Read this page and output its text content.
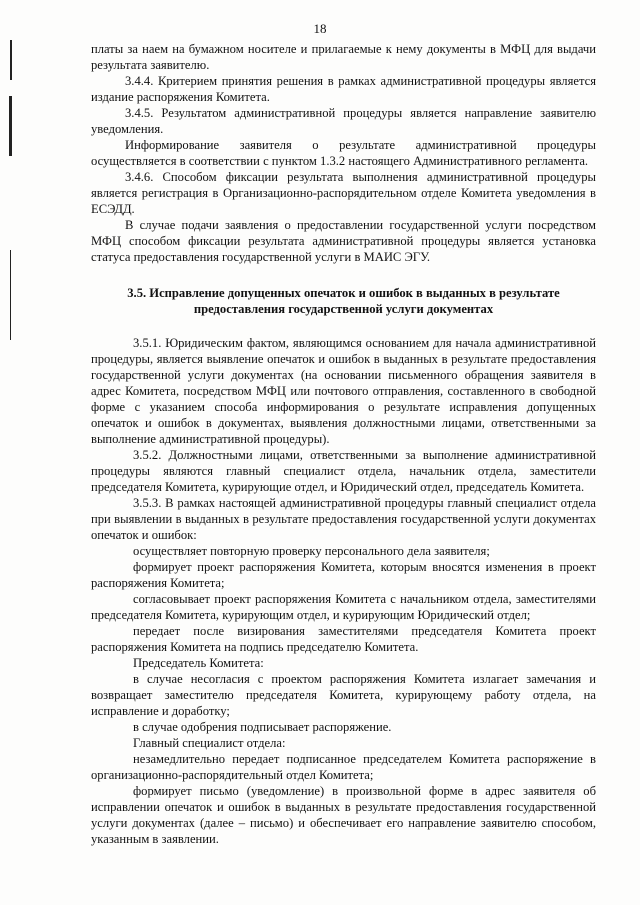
18

платы за наем на бумажном носителе и прилагаемые к нему документы в МФЦ для выдачи результата заявителю.

3.4.4. Критерием принятия решения в рамках административной процедуры является издание распоряжения Комитета.

3.4.5. Результатом административной процедуры является направление заявителю уведомления.

Информирование заявителя о результате административной процедуры осуществляется в соответствии с пунктом 1.3.2 настоящего Административного регламента.

3.4.6. Способом фиксации результата выполнения административной процедуры является регистрация в Организационно-распорядительном отделе Комитета уведомления в ЕСЭДД.

В случае подачи заявления о предоставлении государственной услуги посредством МФЦ способом фиксации результата административной процедуры является установка статуса предоставления государственной услуги в МАИС ЭГУ.

3.5. Исправление допущенных опечаток и ошибок в выданных в результате предоставления государственной услуги документах

3.5.1. Юридическим фактом, являющимся основанием для начала административной процедуры, является выявление опечаток и ошибок в выданных в результате предоставления государственной услуги документах (на основании письменного обращения заявителя в адрес Комитета, посредством МФЦ или почтового отправления, составленного в свободной форме с указанием способа информирования о результате исправления допущенных опечаток и ошибок в документах, выявления должностными лицами, ответственными за выполнение административной процедуры).

3.5.2. Должностными лицами, ответственными за выполнение административной процедуры являются главный специалист отдела, начальник отдела, заместители председателя Комитета, курирующие отдел, и Юридический отдел, председатель Комитета.

3.5.3. В рамках настоящей административной процедуры главный специалист отдела при выявлении в выданных в результате предоставления государственной услуги документах опечаток и ошибок:

осуществляет повторную проверку персонального дела заявителя;

формирует проект распоряжения Комитета, которым вносятся изменения в проект распоряжения Комитета;

согласовывает проект распоряжения Комитета с начальником отдела, заместителями председателя Комитета, курирующим отдел, и курирующим Юридический отдел;

передает после визирования заместителями председателя Комитета проект распоряжения Комитета на подпись председателю Комитета.

Председатель Комитета:

в случае несогласия с проектом распоряжения Комитета излагает замечания и возвращает заместителю председателя Комитета, курирующему работу отдела, на исправление и доработку;

в случае одобрения подписывает распоряжение.

Главный специалист отдела:

незамедлительно передает подписанное председателем Комитета распоряжение в организационно-распорядительный отдел Комитета;

формирует письмо (уведомление) в произвольной форме в адрес заявителя об исправлении опечаток и ошибок в выданных в результате предоставления государственной услуги документах (далее – письмо) и обеспечивает его направление заявителю способом, указанным в заявлении.
